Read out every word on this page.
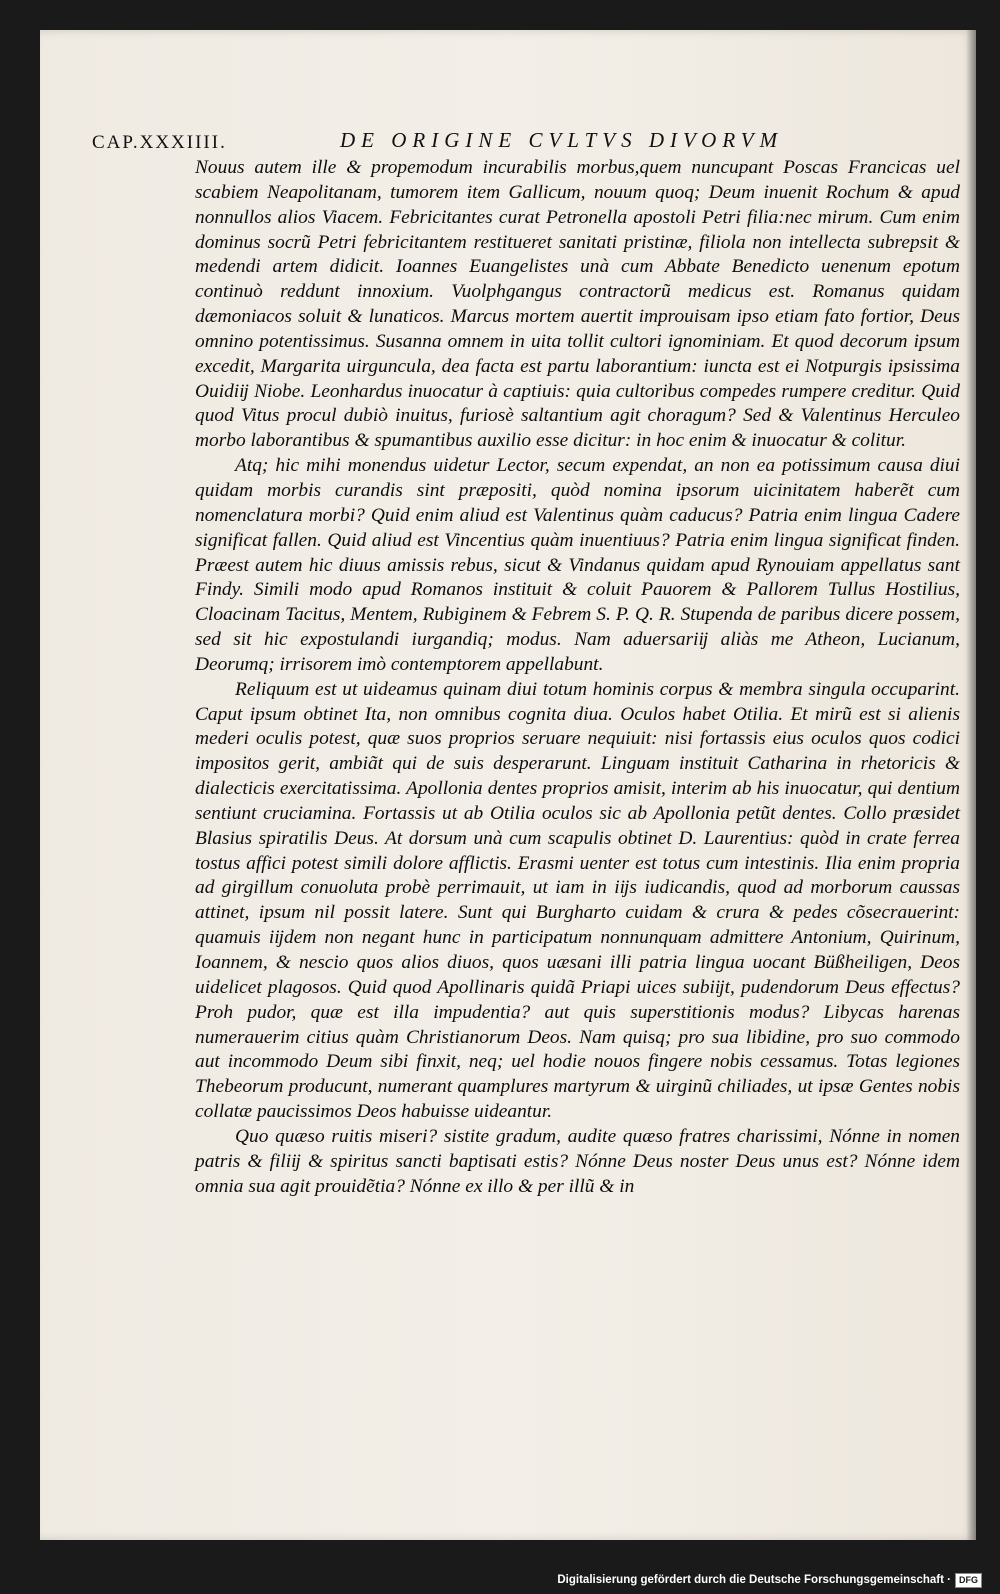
CAP.XXXIIII.	DE ORIGINE CVLTVS DIVORVM

Nouus autem ille & propemodum incurabilis morbus,quem nuncupant Poscas Francicas uel scabiem Neapolitanam, tumorem item Gallicum, nouum quoq; Deum inuenit Rochum & apud nonnullos alios Viacem. Febricitantes curat Petronella apostoli Petri filia:nec mirum. Cum enim dominus socrũ Petri febricitantem restitueret sanitati pristinæ, filiola non intellecta subrepsit & medendi artem didicit. Ioannes Euangelistes unà cum Abbate Benedicto uenenum epotum continuò reddunt innoxium. Vuolphgangus contractorũ medicus est. Romanus quidam dæmoniacos soluit & lunaticos. Marcus mortem auertit improuisam ipso etiam fato fortior, Deus omnino potentissimus. Susanna omnem in uita tollit cultori ignominiam. Et quod decorum ipsum excedit, Margarita uirguncula, dea facta est partu laborantium: iuncta est ei Notpurgis ipsissima Ouidiĳ Niobe. Leonhardus inuocatur à captiuis: quia cultoribus compedes rumpere creditur. Quid quod Vitus procul dubiò inuitus, furiosè saltantium agit choragum? Sed & Valentinus Herculeo morbo laborantibus & spumantibus auxilio esse dicitur: in hoc enim & inuocatur & colitur.

Atq; hic mihi monendus uidetur Lector, secum expendat, an non ea potissimum causa diui quidam morbis curandis sint præpositi, quòd nomina ipsorum uicinitatem haberẽt cum nomenclatura morbi? Quid enim aliud est Valentinus quàm caducus? Patria enim lingua Cadere significat fallen. Quid aliud est Vincentius quàm inuentiuus? Patria enim lingua significat finden. Præest autem hic diuus amissis rebus, sicut & Vindanus quidam apud Rynouiam appellatus sant Findy. Simili modo apud Romanos instituit & coluit Pauorem & Pallorem Tullus Hostilius, Cloacinam Tacitus, Mentem, Rubiginem & Febrem S. P. Q. R. Stupenda de paribus dicere possem, sed sit hic expostulandi iurgandiq; modus. Nam aduersariĳ aliàs me Atheon, Lucianum, Deorumq; irrisorem imò contemptorem appellabunt.

Reliquum est ut uideamus quinam diui totum hominis corpus & membra singula occuparint. Caput ipsum obtinet Ita, non omnibus cognita diua. Oculos habet Otilia. Et mirũ est si alienis mederi oculis potest, quæ suos proprios seruare nequiuit: nisi fortassis eius oculos quos codici impositos gerit, ambiãt qui de suis desperarunt. Linguam instituit Catharina in rhetoricis & dialecticis exercitatissima. Apollonia dentes proprios amisit, interim ab his inuocatur, qui dentium sentiunt cruciamina. Fortassis ut ab Otilia oculos sic ab Apollonia petũt dentes. Collo præsidet Blasius spiratilis Deus. At dorsum unà cum scapulis obtinet D. Laurentius: quòd in crate ferrea tostus affici potest simili dolore afflictis. Erasmi uenter est totus cum intestinis. Ilia enim propria ad girgillum conuoluta probè perrimauit, ut iam in iĳs iudicandis, quod ad morborum caussas attinet, ipsum nil possit latere. Sunt qui Burgharto cuidam & crura & pedes cõsecrauerint: quamuis iĳdem non negant hunc in participatum nonnunquam admittere Antonium, Quirinum, Ioannem, & nescio quos alios diuos, quos uæsani illi patria lingua uocant Büßheiligen, Deos uidelicet plagosos. Quid quod Apollinaris quidã Priapi uices subiĳt, pudendorum Deus effectus? Proh pudor, quæ est illa impudentia? aut quis superstitionis modus? Libycas harenas numerauerim citius quàm Christianorum Deos. Nam quisq; pro sua libidine, pro suo commodo aut incommodo Deum sibi finxit, neq; uel hodie nouos fingere nobis cessamus. Totas legiones Thebeorum producunt, numerant quamplures martyrum & uirginũ chiliades, ut ipsæ Gentes nobis collatæ paucissimos Deos habuisse uideantur.

Quo quæso ruitis miseri? sistite gradum, audite quæso fratres charissimi, Nónne in nomen patris & filiĳ & spiritus sancti baptisati estis? Nónne Deus noster Deus unus est? Nónne idem omnia sua agit prouidẽtia? Nónne ex illo & per illũ & in

Digitalisierung gefördert durch die Deutsche Forschungsgemeinschaft · DFG
